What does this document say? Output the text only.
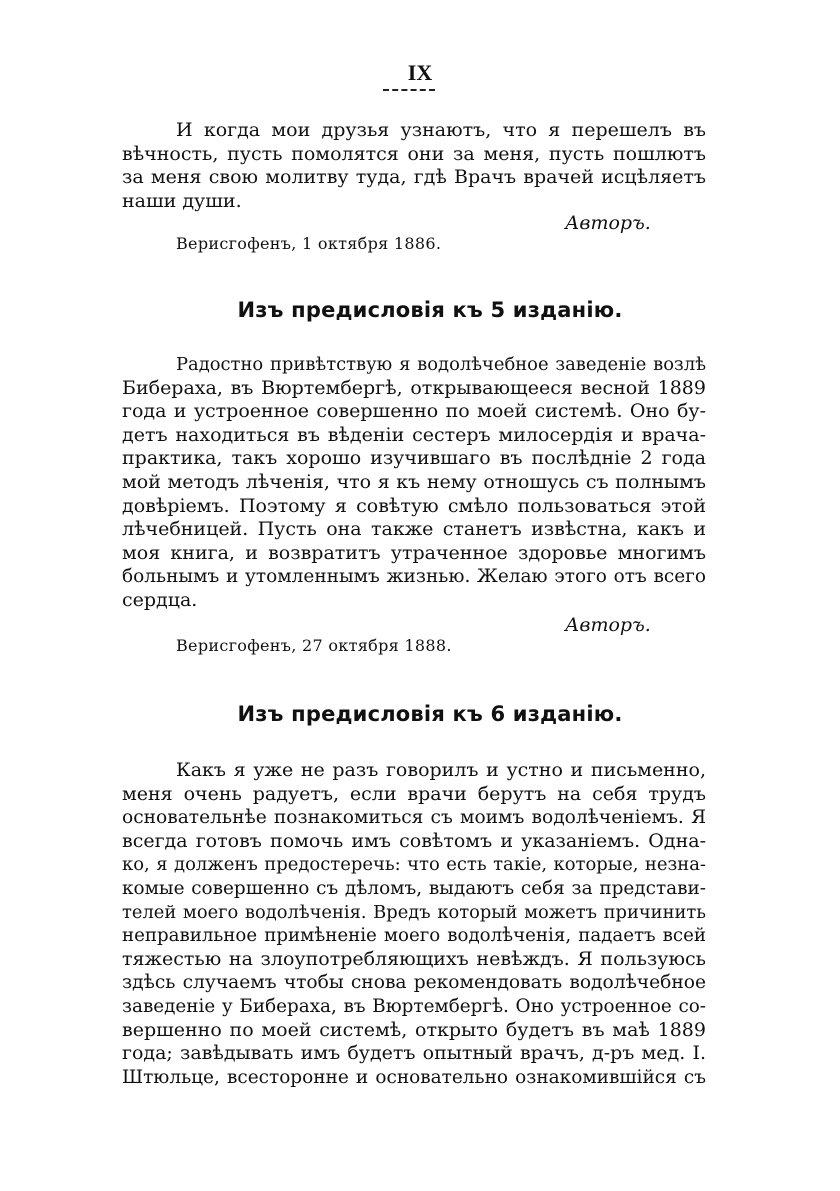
IX
И когда мои друзья узнаютъ, что я перешелъ въ
вѣчность, пусть помолятся они за меня, пусть пошлютъ
за меня свою молитву туда, гдѣ Врачъ врачей исцѣляетъ
наши души.
Авторъ.
Верисгофенъ, 1 октября 1886.
Изъ предисловія къ 5 изданію.
Радостно привѣтствую я водолѣчебное заведеніе возлѣ
Бибераха, въ Вюртембергѣ, открывающееся весной 1889
года и устроенное совершенно по моей системѣ. Оно бу-
детъ находиться въ вѣденіи сестеръ милосердія и врача-
практика, такъ хорошо изучившаго въ послѣдніе 2 года
мой методъ лѣченія, что я къ нему отношусь съ полнымъ
довѣріемъ. Поэтому я совѣтую смѣло пользоваться этой
лѣчебницей. Пусть она также станетъ извѣстна, какъ и
моя книга, и возвратитъ утраченное здоровье многимъ
больнымъ и утомленнымъ жизнью. Желаю этого отъ всего
сердца.
Авторъ.
Верисгофенъ, 27 октября 1888.
Изъ предисловія къ 6 изданію.
Какъ я уже не разъ говорилъ и устно и письменно,
меня очень радуетъ, если врачи берутъ на себя трудъ
основательнѣе познакомиться съ моимъ водолѣченіемъ. Я
всегда готовъ помочь имъ совѣтомъ и указаніемъ. Одна-
ко, я долженъ предостеречь: что есть такіе, которые, незна-
комые совершенно съ дѣломъ, выдаютъ себя за представи-
телей моего водолѣченія. Вредъ который можетъ причинить
неправильное примѣненіе моего водолѣченія, падаетъ всей
тяжестью на злоупотребляющихъ невѣждъ. Я пользуюсь
здѣсь случаемъ чтобы снова рекомендовать водолѣчебное
заведеніе у Бибераха, въ Вюртембергѣ. Оно устроенное со-
вершенно по моей системѣ, открыто будетъ въ маѣ 1889
года; завѣдывать имъ будетъ опытный врачъ, д-ръ мед. I.
Штюльце, всесторонне и основательно ознакомившійся съ
